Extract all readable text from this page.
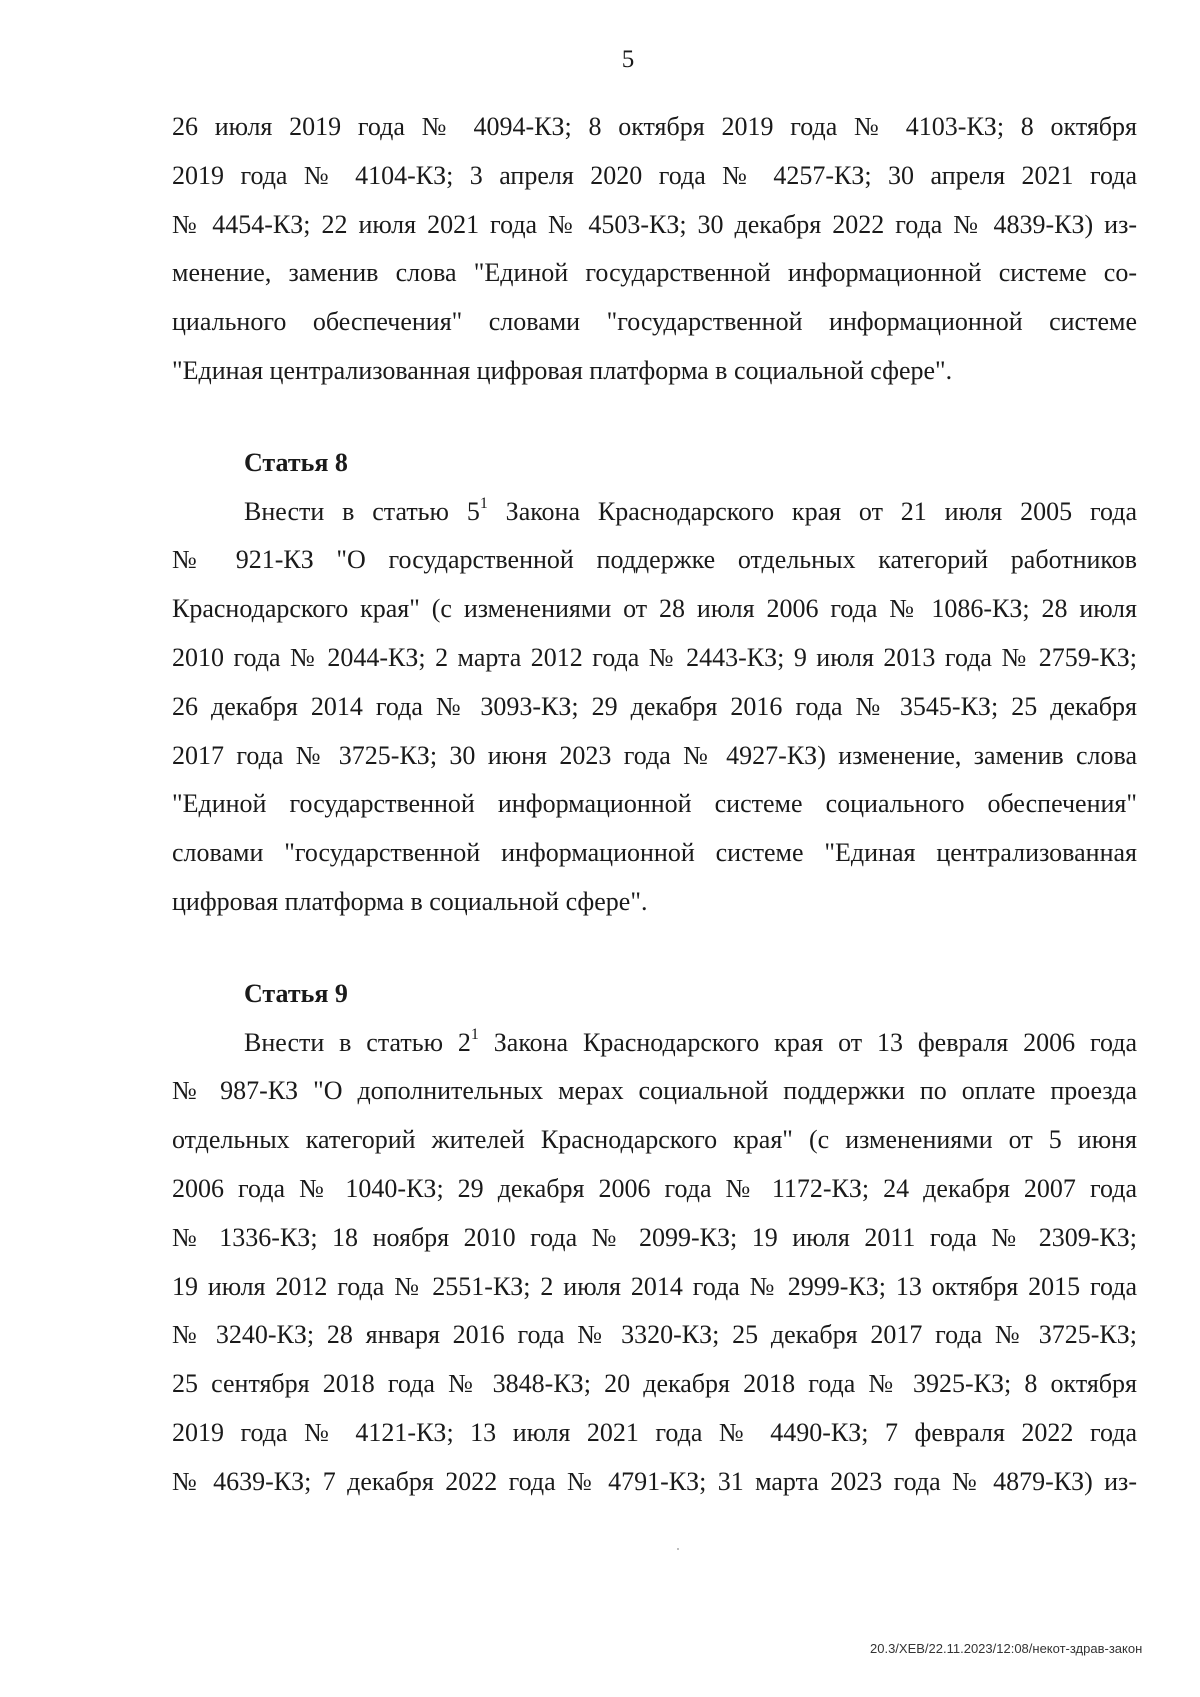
5
26 июля 2019 года № 4094-КЗ; 8 октября 2019 года № 4103-КЗ; 8 октября
2019 года № 4104-КЗ; 3 апреля 2020 года № 4257-КЗ; 30 апреля 2021 года
№ 4454-КЗ; 22 июля 2021 года № 4503-КЗ; 30 декабря 2022 года № 4839-КЗ) из-
менение, заменив слова "Единой государственной информационной системе со-
циального обеспечения" словами "государственной информационной системе
"Единая централизованная цифровая платформа в социальной сфере".
Статья 8
Внести в статью $5^1$ Закона Краснодарского края от 21 июля 2005 года
№ 921-КЗ "О государственной поддержке отдельных категорий работников
Краснодарского края" (с изменениями от 28 июля 2006 года № 1086-КЗ; 28 июля
2010 года № 2044-КЗ; 2 марта 2012 года № 2443-КЗ; 9 июля 2013 года № 2759-КЗ;
26 декабря 2014 года № 3093-КЗ; 29 декабря 2016 года № 3545-КЗ; 25 декабря
2017 года № 3725-КЗ; 30 июня 2023 года № 4927-КЗ) изменение, заменив слова
"Единой государственной информационной системе социального обеспечения"
словами "государственной информационной системе "Единая централизованная
цифровая платформа в социальной сфере".
Статья 9
Внести в статью $2^1$ Закона Краснодарского края от 13 февраля 2006 года
№ 987-КЗ "О дополнительных мерах социальной поддержки по оплате проезда
отдельных категорий жителей Краснодарского края" (с изменениями от 5 июня
2006 года № 1040-КЗ; 29 декабря 2006 года № 1172-КЗ; 24 декабря 2007 года
№ 1336-КЗ; 18 ноября 2010 года № 2099-КЗ; 19 июля 2011 года № 2309-КЗ;
19 июля 2012 года № 2551-КЗ; 2 июля 2014 года № 2999-КЗ; 13 октября 2015 года
№ 3240-КЗ; 28 января 2016 года № 3320-КЗ; 25 декабря 2017 года № 3725-КЗ;
25 сентября 2018 года № 3848-КЗ; 20 декабря 2018 года № 3925-КЗ; 8 октября
2019 года № 4121-КЗ; 13 июля 2021 года № 4490-КЗ; 7 февраля 2022 года
№ 4639-КЗ; 7 декабря 2022 года № 4791-КЗ; 31 марта 2023 года № 4879-КЗ) из-
20.3/ХЕВ/22.11.2023/12:08/некот-здрав-закон
